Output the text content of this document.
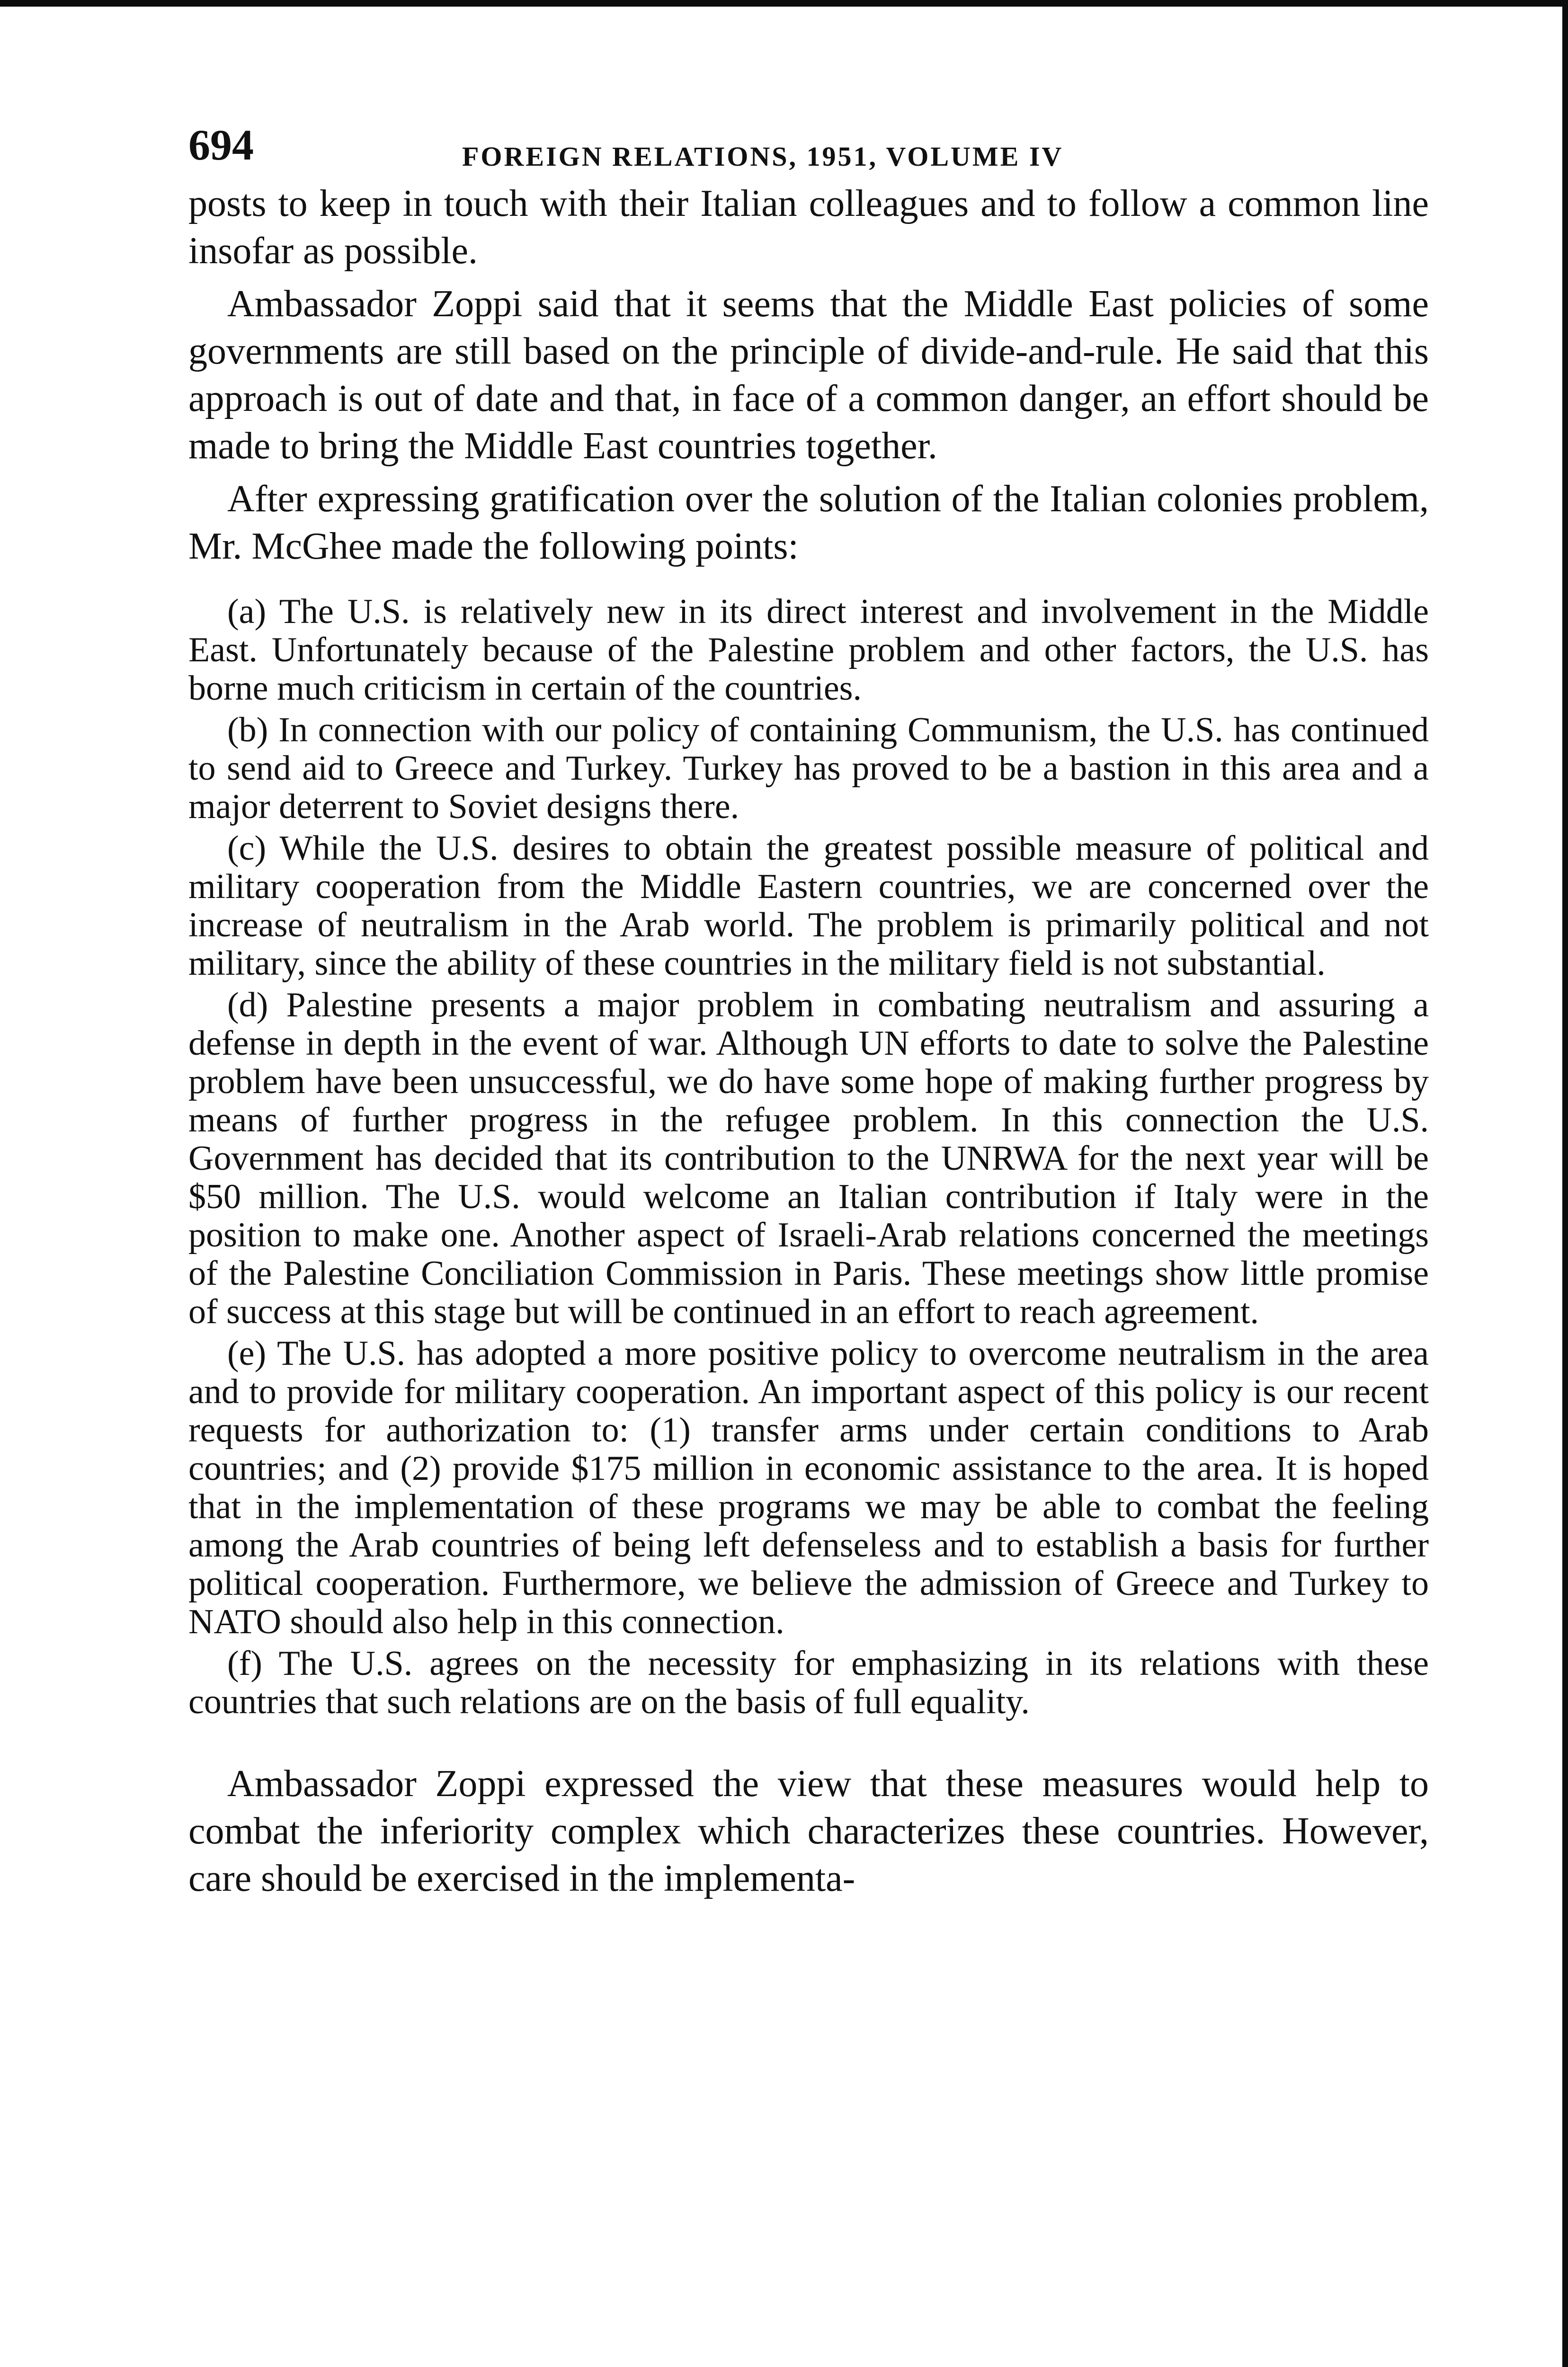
694	FOREIGN RELATIONS, 1951, VOLUME IV

posts to keep in touch with their Italian colleagues and to follow a common line insofar as possible.

Ambassador Zoppi said that it seems that the Middle East policies of some governments are still based on the principle of divide-and-rule. He said that this approach is out of date and that, in face of a common danger, an effort should be made to bring the Middle East countries together.

After expressing gratification over the solution of the Italian colonies problem, Mr. McGhee made the following points:

(a) The U.S. is relatively new in its direct interest and involvement in the Middle East. Unfortunately because of the Palestine problem and other factors, the U.S. has borne much criticism in certain of the countries.

(b) In connection with our policy of containing Communism, the U.S. has continued to send aid to Greece and Turkey. Turkey has proved to be a bastion in this area and a major deterrent to Soviet designs there.

(c) While the U.S. desires to obtain the greatest possible measure of political and military cooperation from the Middle Eastern countries, we are concerned over the increase of neutralism in the Arab world. The problem is primarily political and not military, since the ability of these countries in the military field is not substantial.

(d) Palestine presents a major problem in combating neutralism and assuring a defense in depth in the event of war. Although UN efforts to date to solve the Palestine problem have been unsuccessful, we do have some hope of making further progress by means of further progress in the refugee problem. In this connection the U.S. Government has decided that its contribution to the UNRWA for the next year will be $50 million. The U.S. would welcome an Italian contribution if Italy were in the position to make one. Another aspect of Israeli-Arab relations concerned the meetings of the Palestine Conciliation Commission in Paris. These meetings show little promise of success at this stage but will be continued in an effort to reach agreement.

(e) The U.S. has adopted a more positive policy to overcome neutralism in the area and to provide for military cooperation. An important aspect of this policy is our recent requests for authorization to: (1) transfer arms under certain conditions to Arab countries; and (2) provide $175 million in economic assistance to the area. It is hoped that in the implementation of these programs we may be able to combat the feeling among the Arab countries of being left defenseless and to establish a basis for further political cooperation. Furthermore, we believe the admission of Greece and Turkey to NATO should also help in this connection.

(f) The U.S. agrees on the necessity for emphasizing in its relations with these countries that such relations are on the basis of full equality.

Ambassador Zoppi expressed the view that these measures would help to combat the inferiority complex which characterizes these countries. However, care should be exercised in the implementa-
